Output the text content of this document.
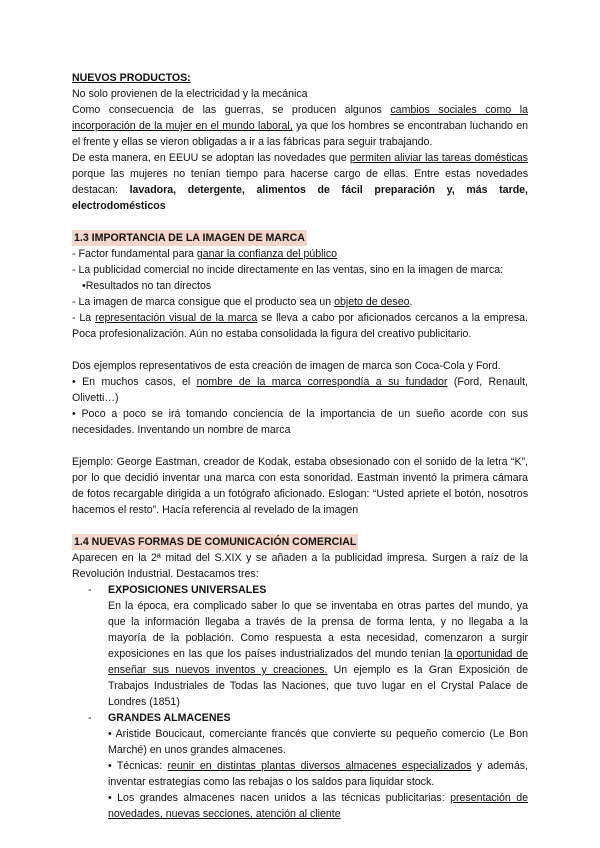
NUEVOS PRODUCTOS:

No solo provienen de la electricidad y la mecánica

Como consecuencia de las guerras, se producen algunos cambios sociales como la incorporación de la mujer en el mundo laboral, ya que los hombres se encontraban luchando en el frente y ellas se vieron obligadas a ir a las fábricas para seguir trabajando.

De esta manera, en EEUU se adoptan las novedades que permiten aliviar las tareas domésticas porque las mujeres no tenían tiempo para hacerse cargo de ellas. Entre estas novedades destacan: lavadora, detergente, alimentos de fácil preparación y, más tarde, electrodomésticos

1.3 IMPORTANCIA DE LA IMAGEN DE MARCA

- Factor fundamental para ganar la confianza del público

- La publicidad comercial no incide directamente en las ventas, sino en la imagen de marca:

•Resultados no tan directos

- La imagen de marca consigue que el producto sea un objeto de deseo.

- La representación visual de la marca se lleva a cabo por aficionados cercanos a la empresa. Poca profesionalización. Aún no estaba consolidada la figura del creativo publicitario.

Dos ejemplos representativos de esta creación de imagen de marca son Coca-Cola y Ford.

• En muchos casos, el nombre de la marca correspondía a su fundador (Ford, Renault, Olivetti…)

• Poco a poco se irá tomando conciencia de la importancia de un sueño acorde con sus necesidades. Inventando un nombre de marca

Ejemplo: George Eastman, creador de Kodak, estaba obsesionado con el sonido de la letra “K”, por lo que decidió inventar una marca con esta sonoridad. Eastman inventó la primera cámara de fotos recargable dirigida a un fotógrafo aficionado. Eslogan: “Usted apriete el botón, nosotros hacemos el resto”. Hacía referencia al revelado de la imagen

1.4 NUEVAS FORMAS DE COMUNICACIÓN COMERCIAL

Aparecen en la 2ª mitad del S.XIX y se añaden a la publicidad impresa. Surgen a raíz de la Revolución Industrial. Destacamos tres:

- EXPOSICIONES UNIVERSALES

En la época, era complicado saber lo que se inventaba en otras partes del mundo, ya que la información llegaba a través de la prensa de forma lenta, y no llegaba a la mayoría de la población. Como respuesta a esta necesidad, comenzaron a surgir exposiciones en las que los países industrializados del mundo tenían la oportunidad de enseñar sus nuevos inventos y creaciones. Un ejemplo es la Gran Exposición de Trabajos Industriales de Todas las Naciones, que tuvo lugar en el Crystal Palace de Londres (1851)

- GRANDES ALMACENES

• Aristide Boucicaut, comerciante francés que convierte su pequeño comercio (Le Bon Marché) en unos grandes almacenes.

• Técnicas: reunir en distintas plantas diversos almacenes especializados y además, inventar estrategias como las rebajas o los saldos para liquidar stock.

• Los grandes almacenes nacen unidos a las técnicas publicitarias: presentación de novedades, nuevas secciones, atención al cliente
